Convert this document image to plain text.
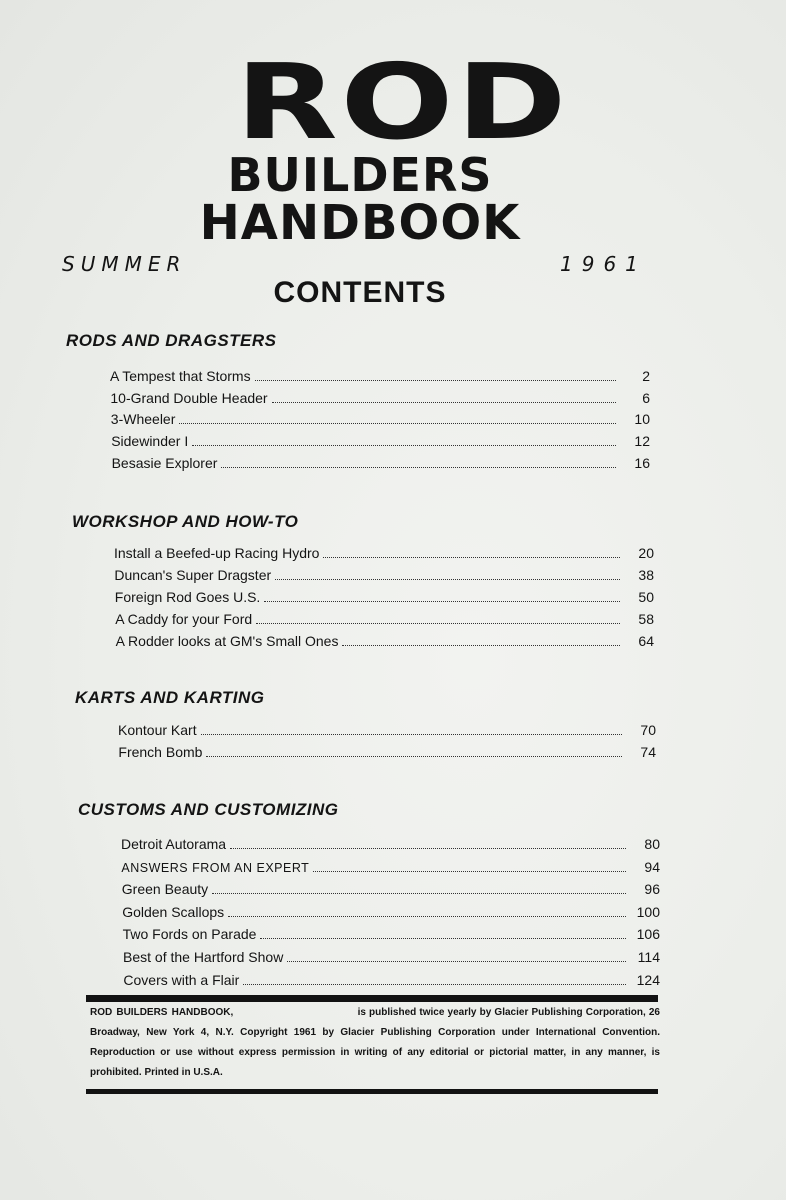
ROD
BUILDERS
HANDBOOK
SUMMER	1961
CONTENTS
RODS AND DRAGSTERS
A Tempest that Storms	2
10-Grand Double Header	6
3-Wheeler	10
Sidewinder I	12
Besasie Explorer	16
WORKSHOP AND HOW-TO
Install a Beefed-up Racing Hydro	20
Duncan's Super Dragster	38
Foreign Rod Goes U.S.	50
A Caddy for your Ford	58
A Rodder looks at GM's Small Ones	64
KARTS AND KARTING
Kontour Kart	70
French Bomb	74
CUSTOMS AND CUSTOMIZING
Detroit Autorama	80
ANSWERS FROM AN EXPERT	94
Green Beauty	96
Golden Scallops	100
Two Fords on Parade	106
Best of the Hartford Show	114
Covers with a Flair	124
ROD BUILDERS HANDBOOK,	is published twice yearly by Glacier Publishing Corporation, 26 Broadway, New York 4, N.Y. Copyright 1961 by Glacier Publishing Corporation under International Convention. Reproduction or use without express permission in writing of any editorial or pictorial matter, in any manner, is prohibited. Printed in U.S.A.
